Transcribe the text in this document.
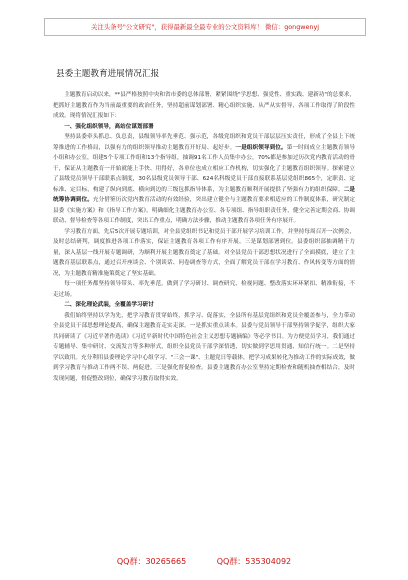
关注头条号"公文研究"，获得最新最全最专业的公文资料库！ 微信：gongwenyj
县委主题教育进展情况汇报

主题教育启动以来，**县严格按照中央和省市委的总体部署，紧紧围绕"学思想、强党性、重实践、建新功"的总要求，把抓好主题教育作为当前最重要的政治任务，坚持超前谋划部署、精心组织实施、从严从实督导，各项工作取得了阶段性成效。现将情况汇报如下：

一、强化组织领导，高站位谋划部署

坚持县委牵头抓总、负总责，县级领导率先垂范、强示范，各级党组织和党员干部层层压实责任，形成了全县上下统筹推进的工作格局，以强有力的组织领导推动主题教育开好局、起好步。一是组织领导到位。第一时间成立主题教育领导小组和办公室，组建5个专项工作组和13个指导组，抽调91名工作人员集中办公，70%都是参加过历次党内教育活动的骨干，保证从主题教育一开始就能上手快、用得好，各单位也成立相应工作机构，切实强化了主题教育组织领导。探索建立了县级党员领导干部联系点制度，30名县级党员领导干部、624名科级党员干部直接联系基层党组织865个，定职责、定标准、定目标，构建了纵向到底、横向到边的三级包抓指导体系，为主题教育顺利开展提供了坚强有力的组织保障。二是统筹协调到位。充分借鉴历次党内教育活动的有效经验，突出建立健全与主题教育要求相适应的工作制度体系，研究制定县委《实施方案》和《指导工作方案》，明确细化主题教育办公室、各专项组、指导组职责任务，健全完善定期会商、协调联动、督导检查等各项工作制度，突出工作重点，明确方法步骤，推动主题教育各项任务有序展开。

学习教育方面，先后5次开展专题培训，对全县党组织书记和党员干部开展学习培训工作，并坚持每周召开一次例会，及时总结研判，调度推进各项工作落实，保证主题教育各项工作有序开展。三是谋划部署到位。县委组织部抽调精干力量，深入基层一线开展专题调研，为顺利开展主题教育奠定了基础。对全县党员干部思想状况进行了全面摸底，建立了主题教育基层联系点，通过召开座谈会、个别谈话、问卷调查等方式，全面了解党员干部在学习教育、作风转变等方面的情况，为主题教育精准施策奠定了坚实基础。

每一项任务都坚持领导带头、率先垂范，做到了学习研讨、调查研究、检视问题、整改落实环环紧扣、精准衔接，不走过场。

二、深化理论武装，全覆盖学习研讨

我们始终坚持以学为先，把学习教育贯穿始终，抓学习、促落实，全县所有基层党组织和党员全覆盖参与，全力带动全县党员干部思想理论提高，确保主题教育走实走深。一是抓实重点读本。县委与党员领导干部坚持领学促学，组织大家共同研读了《习近平著作选读》《习近平新时代中国特色社会主义思想专题摘编》等必学书目。为方便党员学习，我们通过专题辅导、集中研讨、交流发言等多种形式，组织全县党员干部学深悟透，切实做到学思用贯通、知信行统一。二是坚持学以致用。充分利用县委理论学习中心组学习、"三会一课"、主题党日等载体，把学习成果转化为推动工作的实际成效，做到学习教育与推动工作两不误、两促进。三是强化督促检查。县委主题教育办公室坚持定期检查和随机抽查相结合，及时发现问题，督促整改到位，确保学习教育取得实效。

QQ群：30265665	QQ群：535304092
